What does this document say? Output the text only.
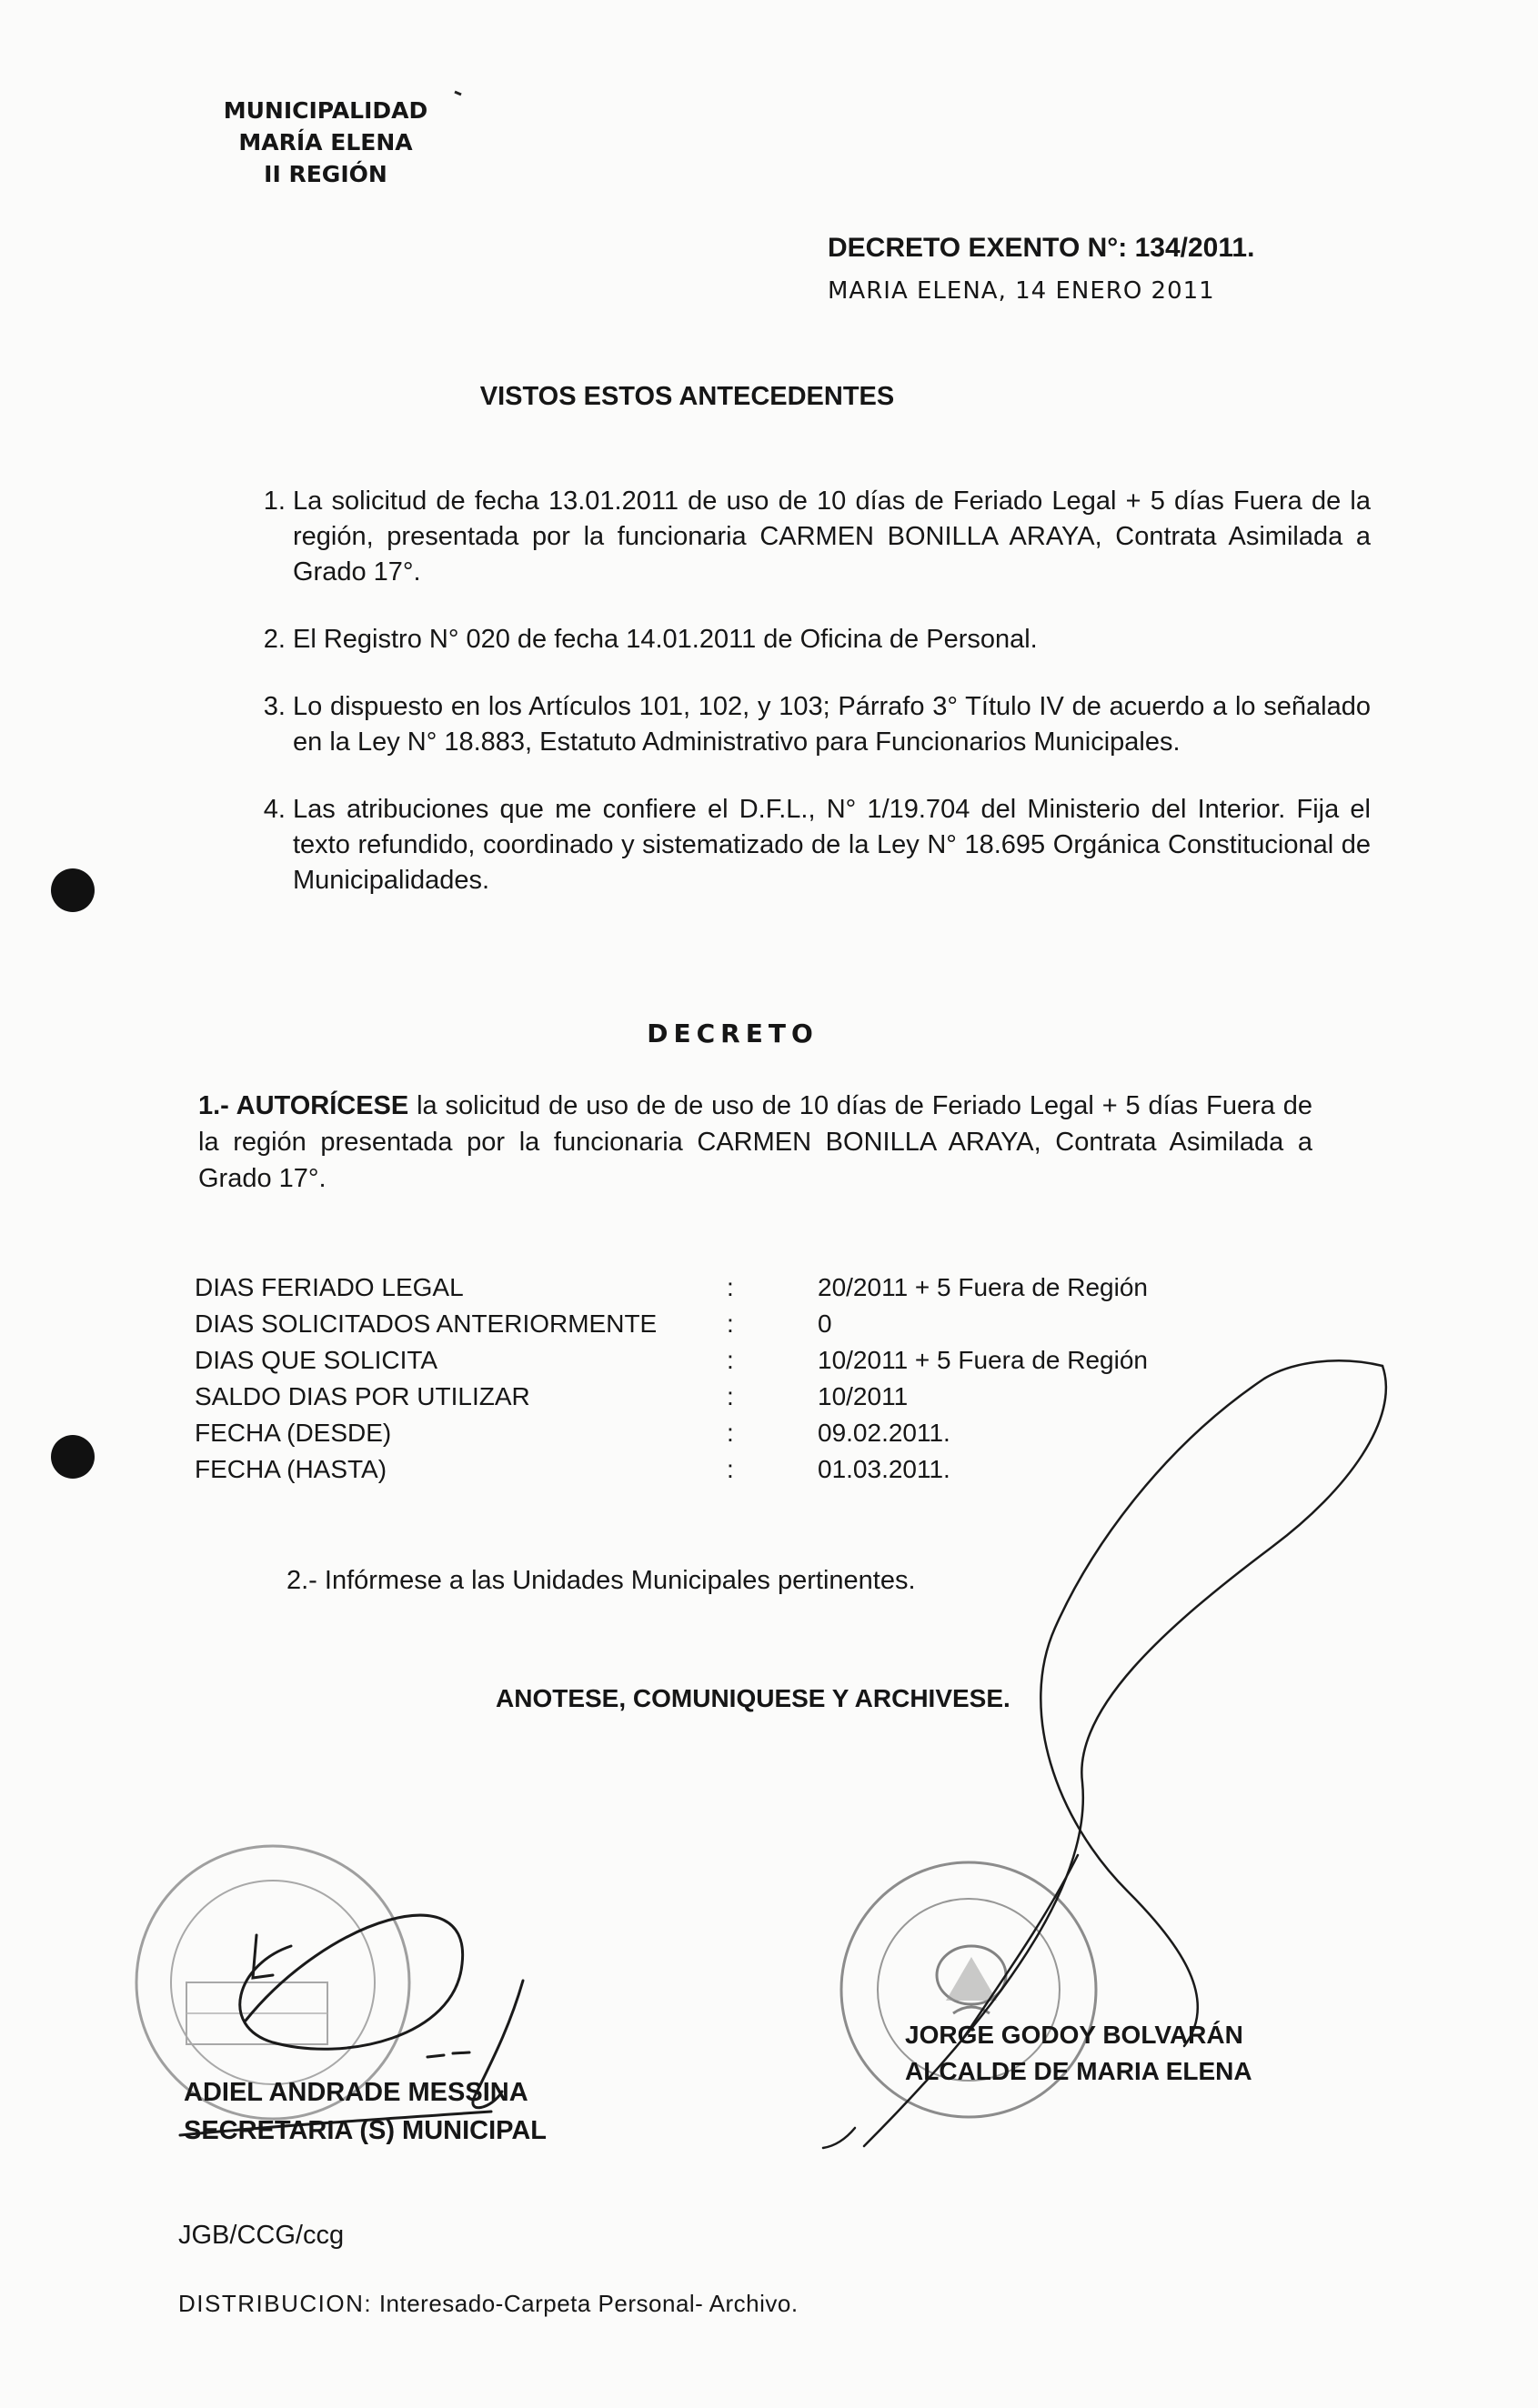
MUNICIPALIDAD
MARÍA ELENA
II REGIÓN
DECRETO EXENTO N°: 134/2011.
MARIA ELENA, 14 ENERO 2011
VISTOS ESTOS ANTECEDENTES
1. La solicitud de fecha 13.01.2011 de uso de 10 días de Feriado Legal + 5 días Fuera de la región, presentada por la funcionaria CARMEN BONILLA ARAYA, Contrata Asimilada a Grado 17°.
2. El Registro N° 020 de fecha 14.01.2011 de Oficina de Personal.
3. Lo dispuesto en los Artículos 101, 102, y 103; Párrafo 3° Título IV de acuerdo a lo señalado en la Ley N° 18.883, Estatuto Administrativo para Funcionarios Municipales.
4. Las atribuciones que me confiere el D.F.L., N° 1/19.704 del Ministerio del Interior. Fija el texto refundido, coordinado y sistematizado de la Ley N° 18.695 Orgánica Constitucional de Municipalidades.
DECRETO
1.- AUTORÍCESE la solicitud de uso de de uso de 10 días de Feriado Legal + 5 días Fuera de la región presentada por la funcionaria CARMEN BONILLA ARAYA, Contrata Asimilada a Grado 17°.
DIAS FERIADO LEGAL	:	20/2011 + 5 Fuera de Región
DIAS SOLICITADOS ANTERIORMENTE	:	0
DIAS QUE SOLICITA	:	10/2011 + 5 Fuera de Región
SALDO DIAS POR UTILIZAR	:	10/2011
FECHA (DESDE)	:	09.02.2011.
FECHA (HASTA)	:	01.03.2011.
2.- Infórmese a las Unidades Municipales pertinentes.
ANOTESE, COMUNIQUESE Y ARCHIVESE.
ADIEL ANDRADE MESSINA
SECRETARIA (S) MUNICIPAL
JORGE GODOY BOLVARÁN
ALCALDE DE MARIA ELENA
JGB/CCG/ccg
DISTRIBUCION: Interesado-Carpeta Personal- Archivo.
